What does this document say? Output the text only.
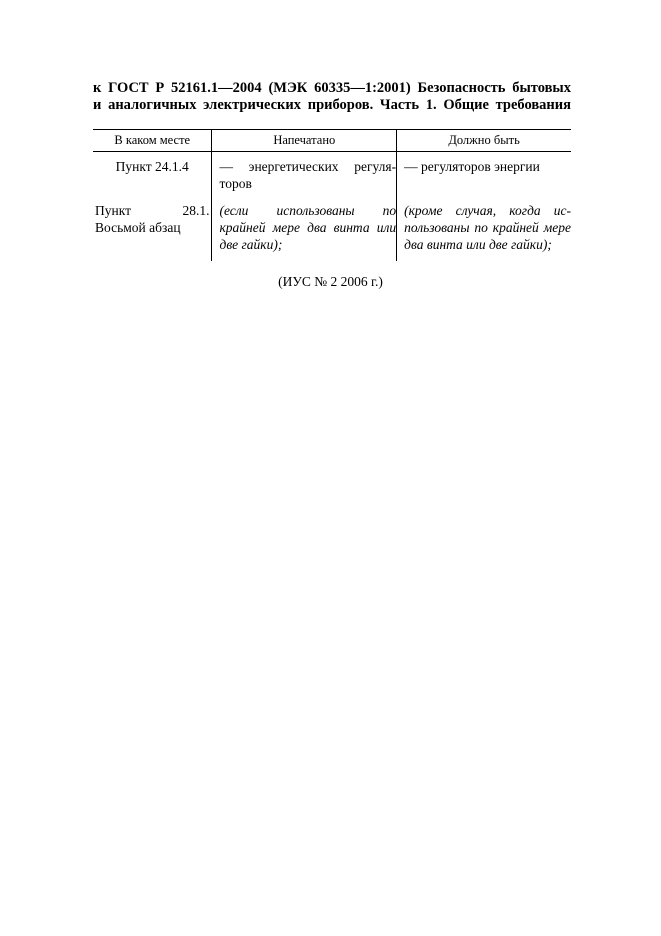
к ГОСТ Р 52161.1—2004 (МЭК 60335—1:2001) Безопасность бытовых
и аналогичных электрических приборов. Часть 1. Общие требования
В каком месте	Напечатано	Должно быть
Пункт 24.1.4	— энергетических регуля-торов	— регуляторов энергии
Пункт 28.1. Восьмой абзац	(если использованы по крайней мере два винта или две гайки);	(кроме случая, когда ис-пользованы по крайней мере два винта или две гайки);
(ИУС № 2 2006 г.)
